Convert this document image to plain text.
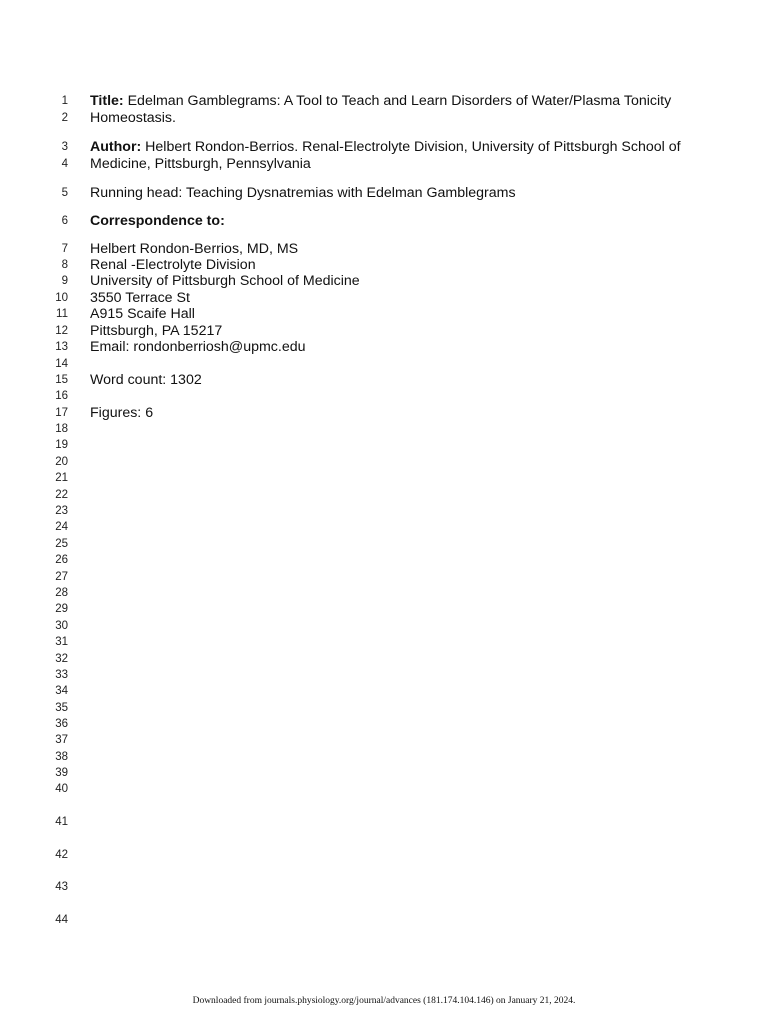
1
2
3
4
5
6
7
8
9
10
11
12
13
14
15
16
17
18
19
20
21
22
23
24
25
26
27
28
29
30
31
32
33
34
35
36
37
38
39
40
41
42
43
44
Title: Edelman Gamblegrams: A Tool to Teach and Learn Disorders of Water/Plasma Tonicity
Homeostasis.
Author: Helbert Rondon-Berrios. Renal-Electrolyte Division, University of Pittsburgh School of
Medicine, Pittsburgh, Pennsylvania
Running head: Teaching Dysnatremias with Edelman Gamblegrams
Correspondence to:
Helbert Rondon-Berrios, MD, MS
Renal -Electrolyte Division
University of Pittsburgh School of Medicine
3550 Terrace St
A915 Scaife Hall
Pittsburgh, PA 15217
Email: rondonberriosh@upmc.edu
Word count: 1302
Figures: 6
Downloaded from journals.physiology.org/journal/advances (181.174.104.146) on January 21, 2024.
